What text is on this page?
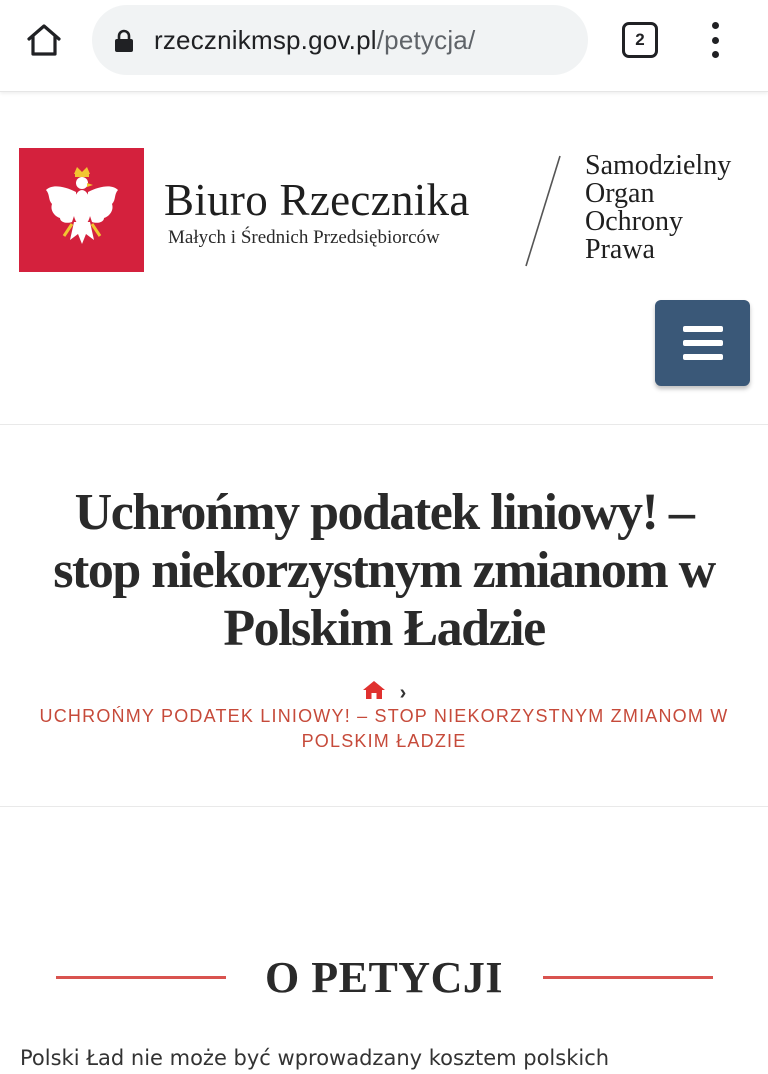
rzecznikmsp.gov.pl/petycja/	2
Biuro Rzecznika
Małych i Średnich Przedsiębiorców
Samodzielny
Organ
Ochrony
Prawa
Uchrońmy podatek liniowy! – stop niekorzystnym zmianom w Polskim Ładzie
›
UCHROŃMY PODATEK LINIOWY! – STOP NIEKORZYSTNYM ZMIANOM W POLSKIM ŁADZIE
O PETYCJI

Polski Ład nie może być wprowadzany kosztem polskich
